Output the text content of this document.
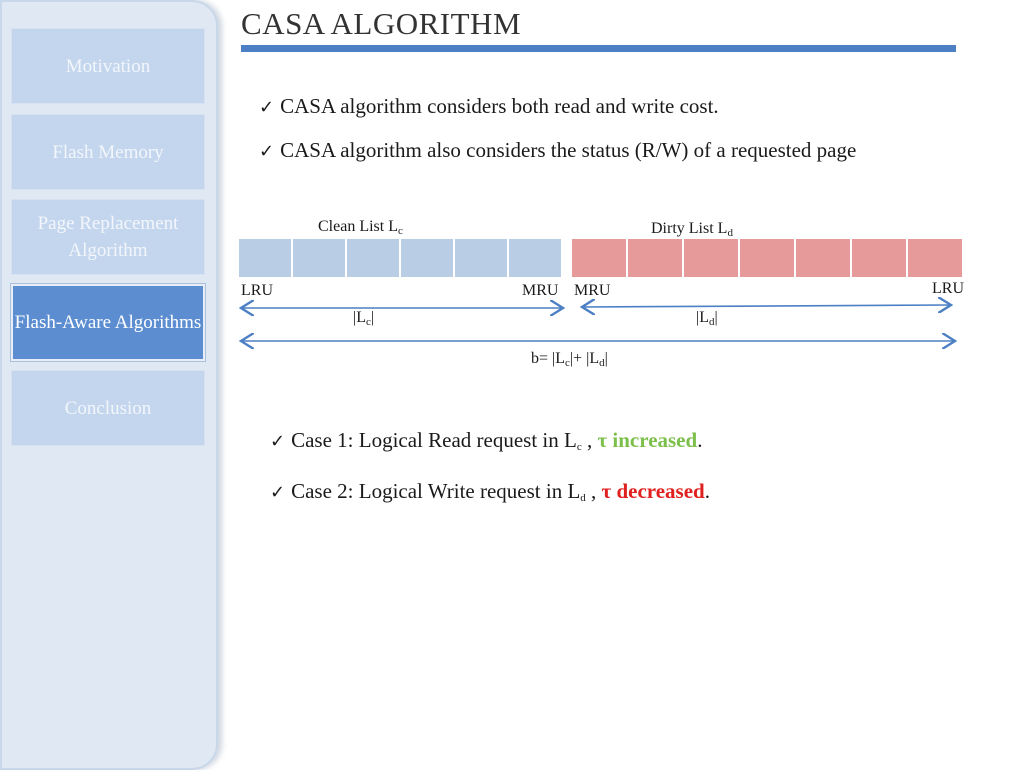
Motivation
Flash Memory
Page Replacement Algorithm
Flash-Aware Algorithms
Conclusion
CASA ALGORITHM
✓ CASA algorithm considers both read and write cost.
✓ CASA algorithm also considers the status (R/W) of a requested page
Clean List $L_c$	Dirty List $L_d$
LRU	MRU MRU	LRU
$|L_c|$	$|L_d|$
$b= |L_c|+ |L_d|$
✓ Case 1: Logical Read request in $L_c$ , τ increased.
✓ Case 2: Logical Write request in $L_d$ , τ decreased.
